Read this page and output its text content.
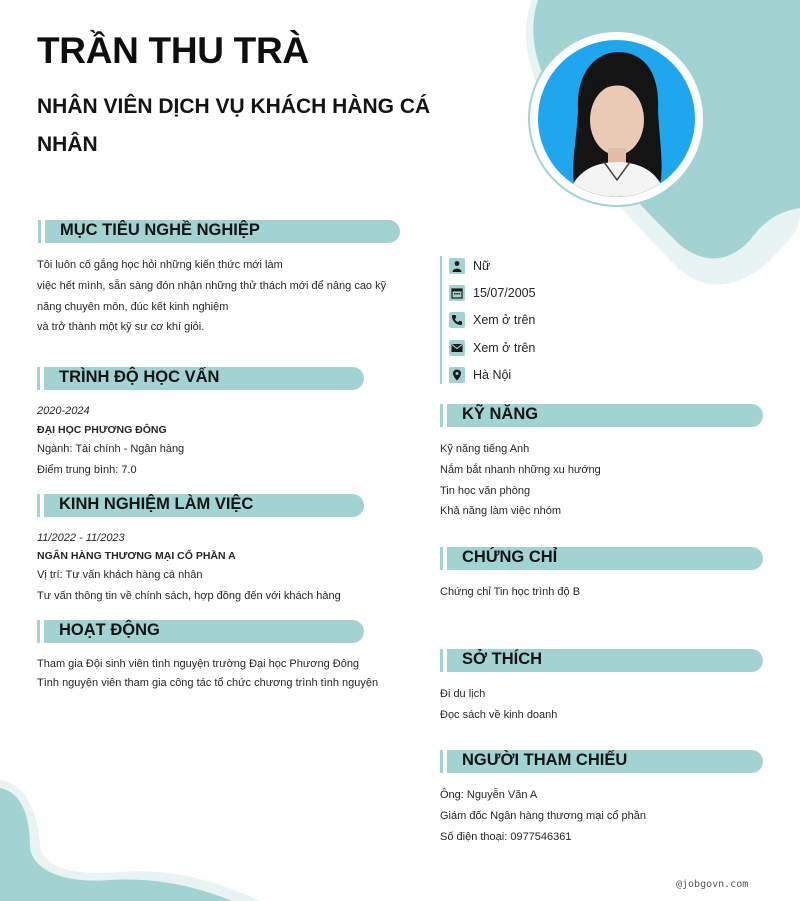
TRẦN THU TRÀ
NHÂN VIÊN DỊCH VỤ KHÁCH HÀNG CÁ NHÂN
MỤC TIÊU NGHỀ NGHIỆP
Tôi luôn cố gắng học hỏi những kiến thức mới làm
việc hết mình, sẵn sàng đón nhận những thử thách mới để nâng cao kỹ
năng chuyên môn, đúc kết kinh nghiệm
và trở thành một kỹ sư cơ khí giỏi.
TRÌNH ĐỘ HỌC VẤN
2020-2024
ĐẠI HỌC PHƯƠNG ĐÔNG
Ngành: Tài chính - Ngân hàng
Điểm trung bình: 7.0
KINH NGHIỆM LÀM VIỆC
11/2022 - 11/2023
NGÂN HÀNG THƯƠNG MẠI CỔ PHẦN A
Vị trí: Tư vấn khách hàng cá nhân
Tư vấn thông tin về chính sách, hợp đồng đến với khách hàng
HOẠT ĐỘNG
Tham gia Đội sinh viên tình nguyện trường Đại học Phương Đông
Tình nguyện viên tham gia công tác tổ chức chương trình tình nguyện
Nữ
15/07/2005
Xem ở trên
Xem ở trên
Hà Nội
KỸ NĂNG
Kỹ năng tiếng Anh
Nắm bắt nhanh những xu hướng
Tin học văn phòng
Khả năng làm việc nhóm
CHỨNG CHỈ
Chứng chỉ Tin học trình độ B
SỞ THÍCH
Đi du lịch
Đọc sách về kinh doanh
NGƯỜI THAM CHIẾU
Ông: Nguyễn Văn A
Giám đốc Ngân hàng thương mại cổ phần
Số điện thoại: 0977546361
@jobgovn.com
